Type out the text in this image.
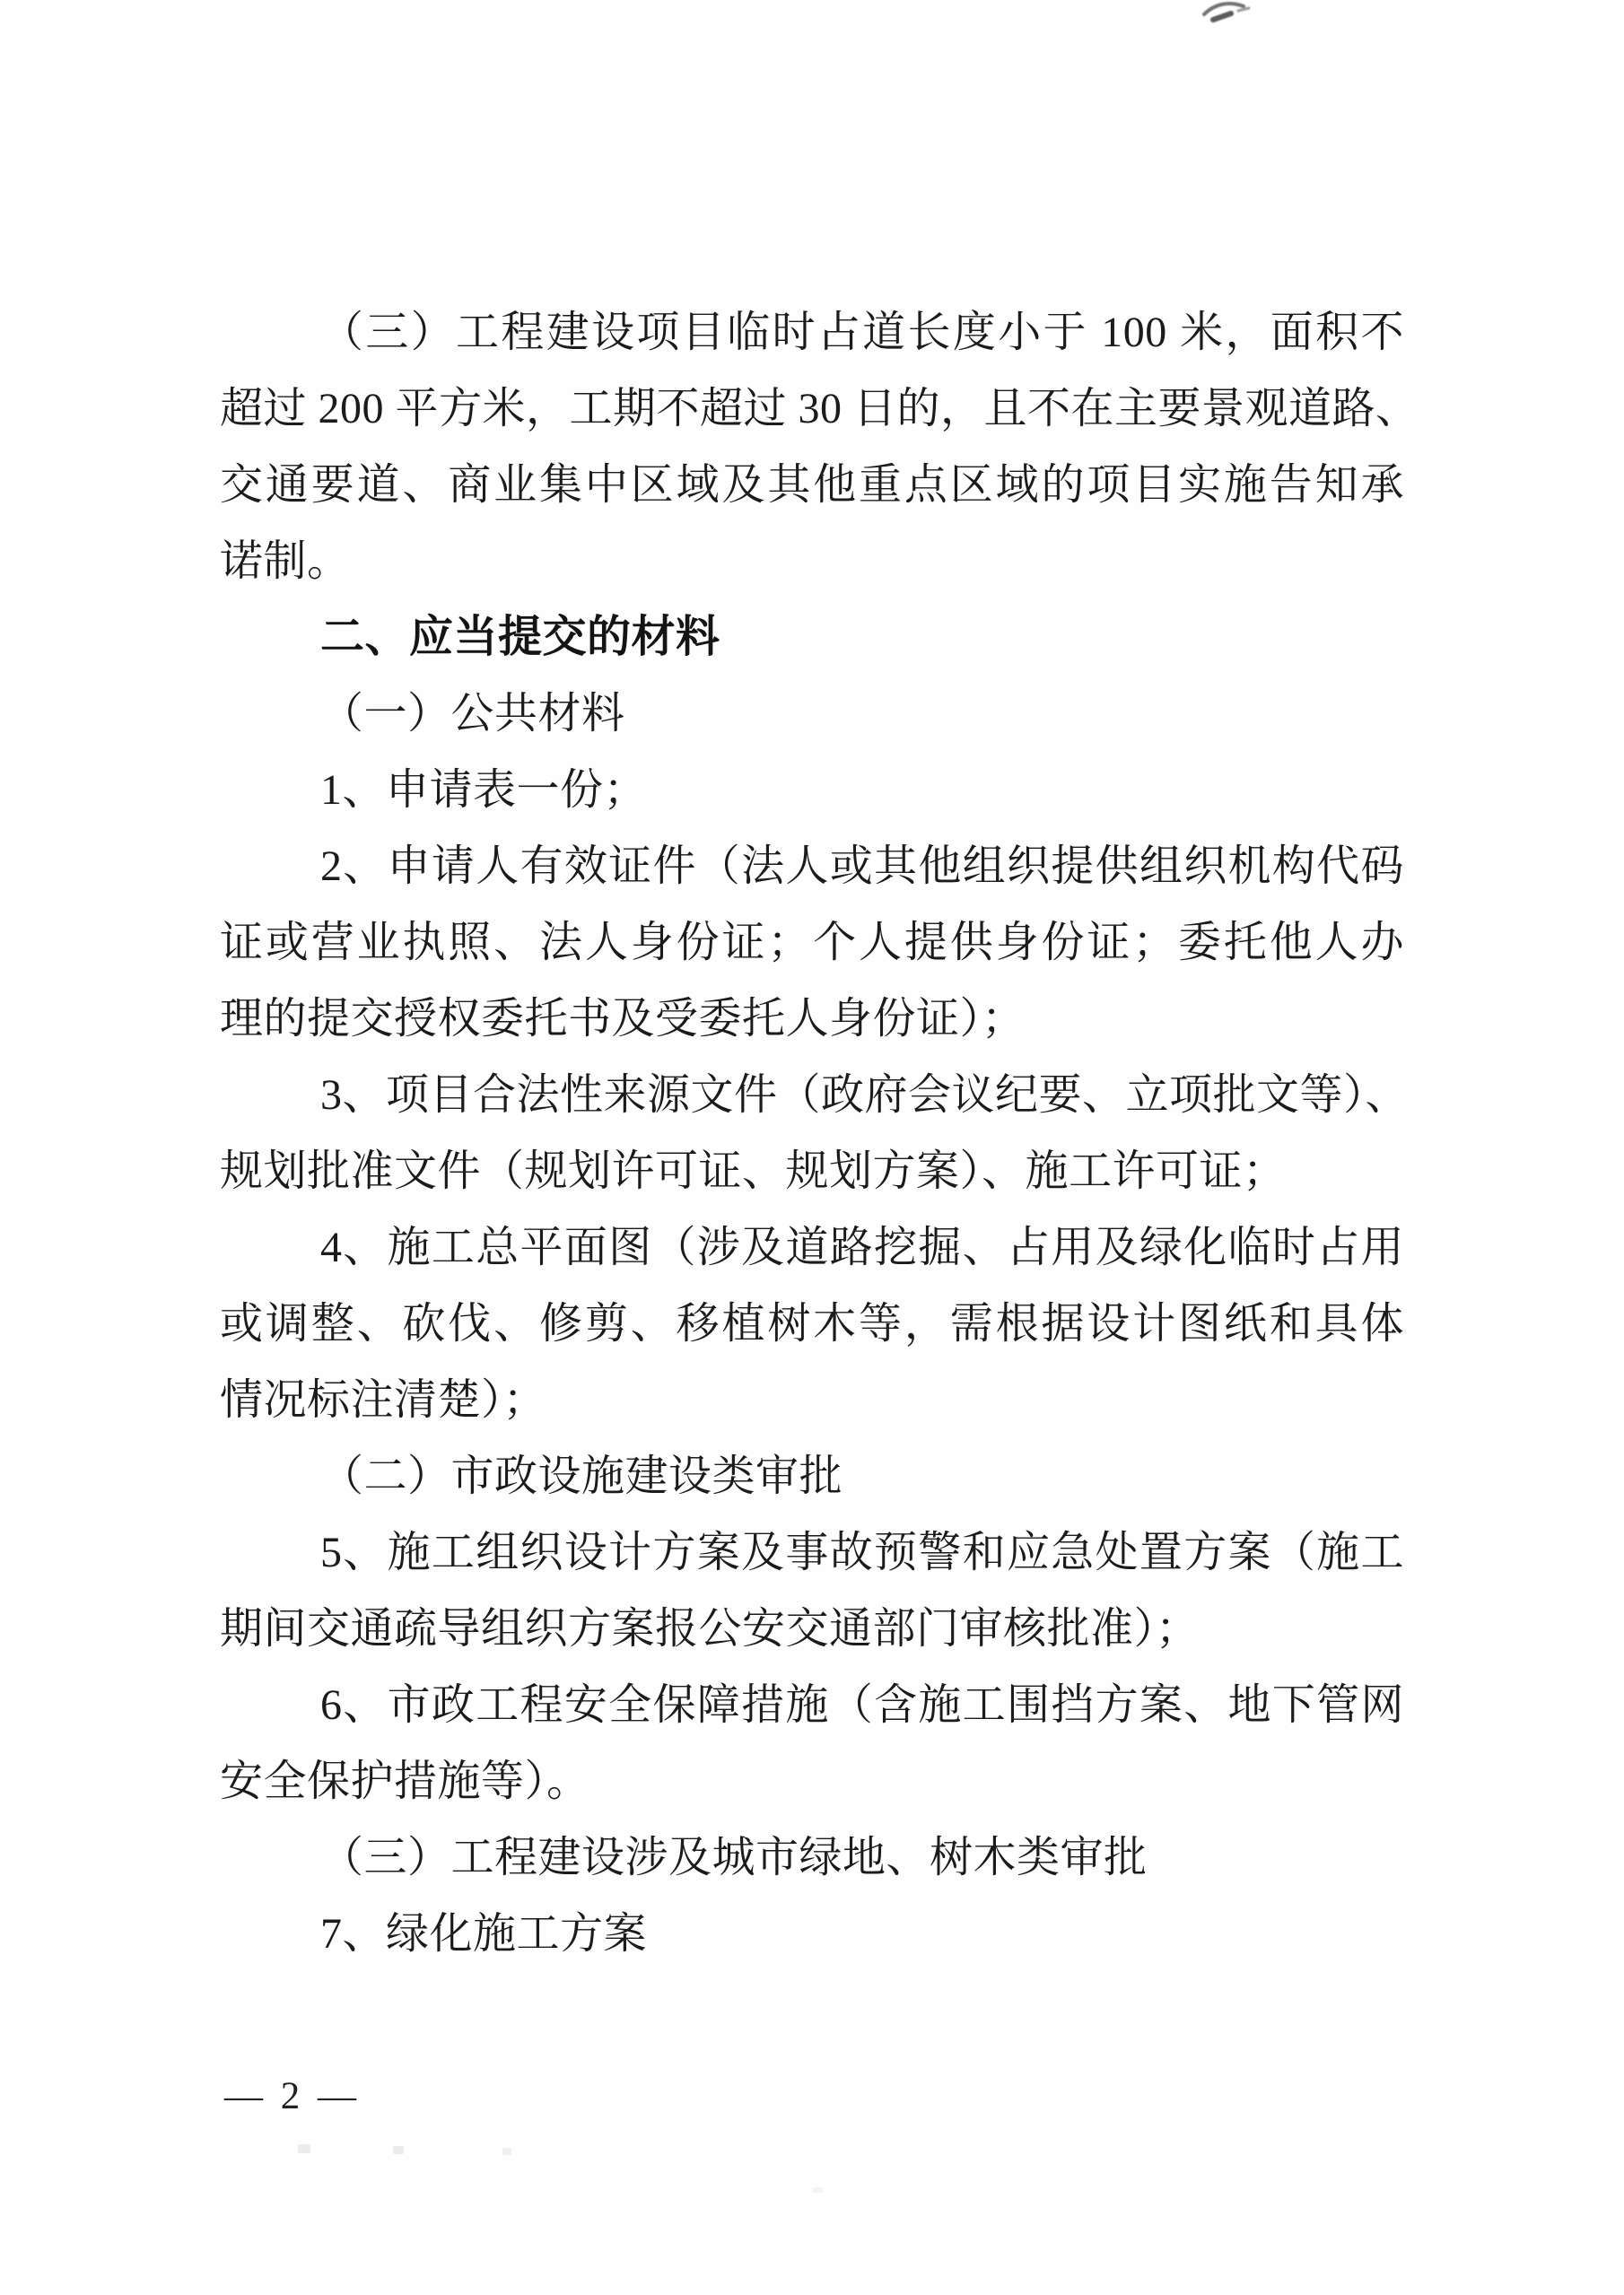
（三）工程建设项目临时占道长度小于 100 米，面积不
超过 200 平方米，工期不超过 30 日的，且不在主要景观道路、
交通要道、商业集中区域及其他重点区域的项目实施告知承
诺制。
二、应当提交的材料
（一）公共材料
1、申请表一份；
2、申请人有效证件（法人或其他组织提供组织机构代码
证或营业执照、法人身份证；个人提供身份证；委托他人办
理的提交授权委托书及受委托人身份证）；
3、项目合法性来源文件（政府会议纪要、立项批文等）、
规划批准文件（规划许可证、规划方案）、施工许可证；
4、施工总平面图（涉及道路挖掘、占用及绿化临时占用
或调整、砍伐、修剪、移植树木等，需根据设计图纸和具体
情况标注清楚）；
（二）市政设施建设类审批
5、施工组织设计方案及事故预警和应急处置方案（施工
期间交通疏导组织方案报公安交通部门审核批准）；
6、市政工程安全保障措施（含施工围挡方案、地下管网
安全保护措施等）。
（三）工程建设涉及城市绿地、树木类审批
7、绿化施工方案
— 2 —
